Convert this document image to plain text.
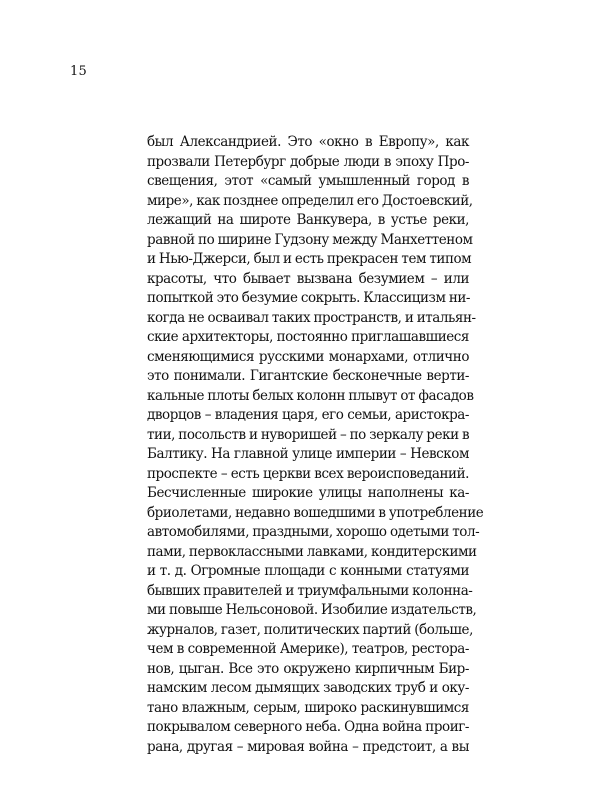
15
был Александрией. Это «окно в Европу», как
прозвали Петербург добрые люди в эпоху Про-
свещения, этот «самый умышленный город в
мире», как позднее определил его Достоевский,
лежащий на широте Ванкувера, в устье реки,
равной по ширине Гудзону между Манхеттеном
и Нью-Джерси, был и есть прекрасен тем типом
красоты, что бывает вызвана безумием – или
попыткой это безумие сокрыть. Классицизм ни-
когда не осваивал таких пространств, и итальян-
ские архитекторы, постоянно приглашавшиеся
сменяющимися русскими монархами, отлично
это понимали. Гигантские бесконечные верти-
кальные плоты белых колонн плывут от фасадов
дворцов – владения царя, его семьи, аристокра-
тии, посольств и нуворишей – по зеркалу реки в
Балтику. На главной улице империи – Невском
проспекте – есть церкви всех вероисповеданий.
Бесчисленные широкие улицы наполнены ка-
бриолетами, недавно вошедшими в употребление
автомобилями, праздными, хорошо одетыми тол-
пами, первоклассными лавками, кондитерскими
и т. д. Огромные площади с конными статуями
бывших правителей и триумфальными колонна-
ми повыше Нельсоновой. Изобилие издательств,
журналов, газет, политических партий (больше,
чем в современной Америке), театров, рестора-
нов, цыган. Все это окружено кирпичным Бир-
намским лесом дымящих заводских труб и оку-
тано влажным, серым, широко раскинувшимся
покрывалом северного неба. Одна война проиг-
рана, другая – мировая война – предстоит, а вы
